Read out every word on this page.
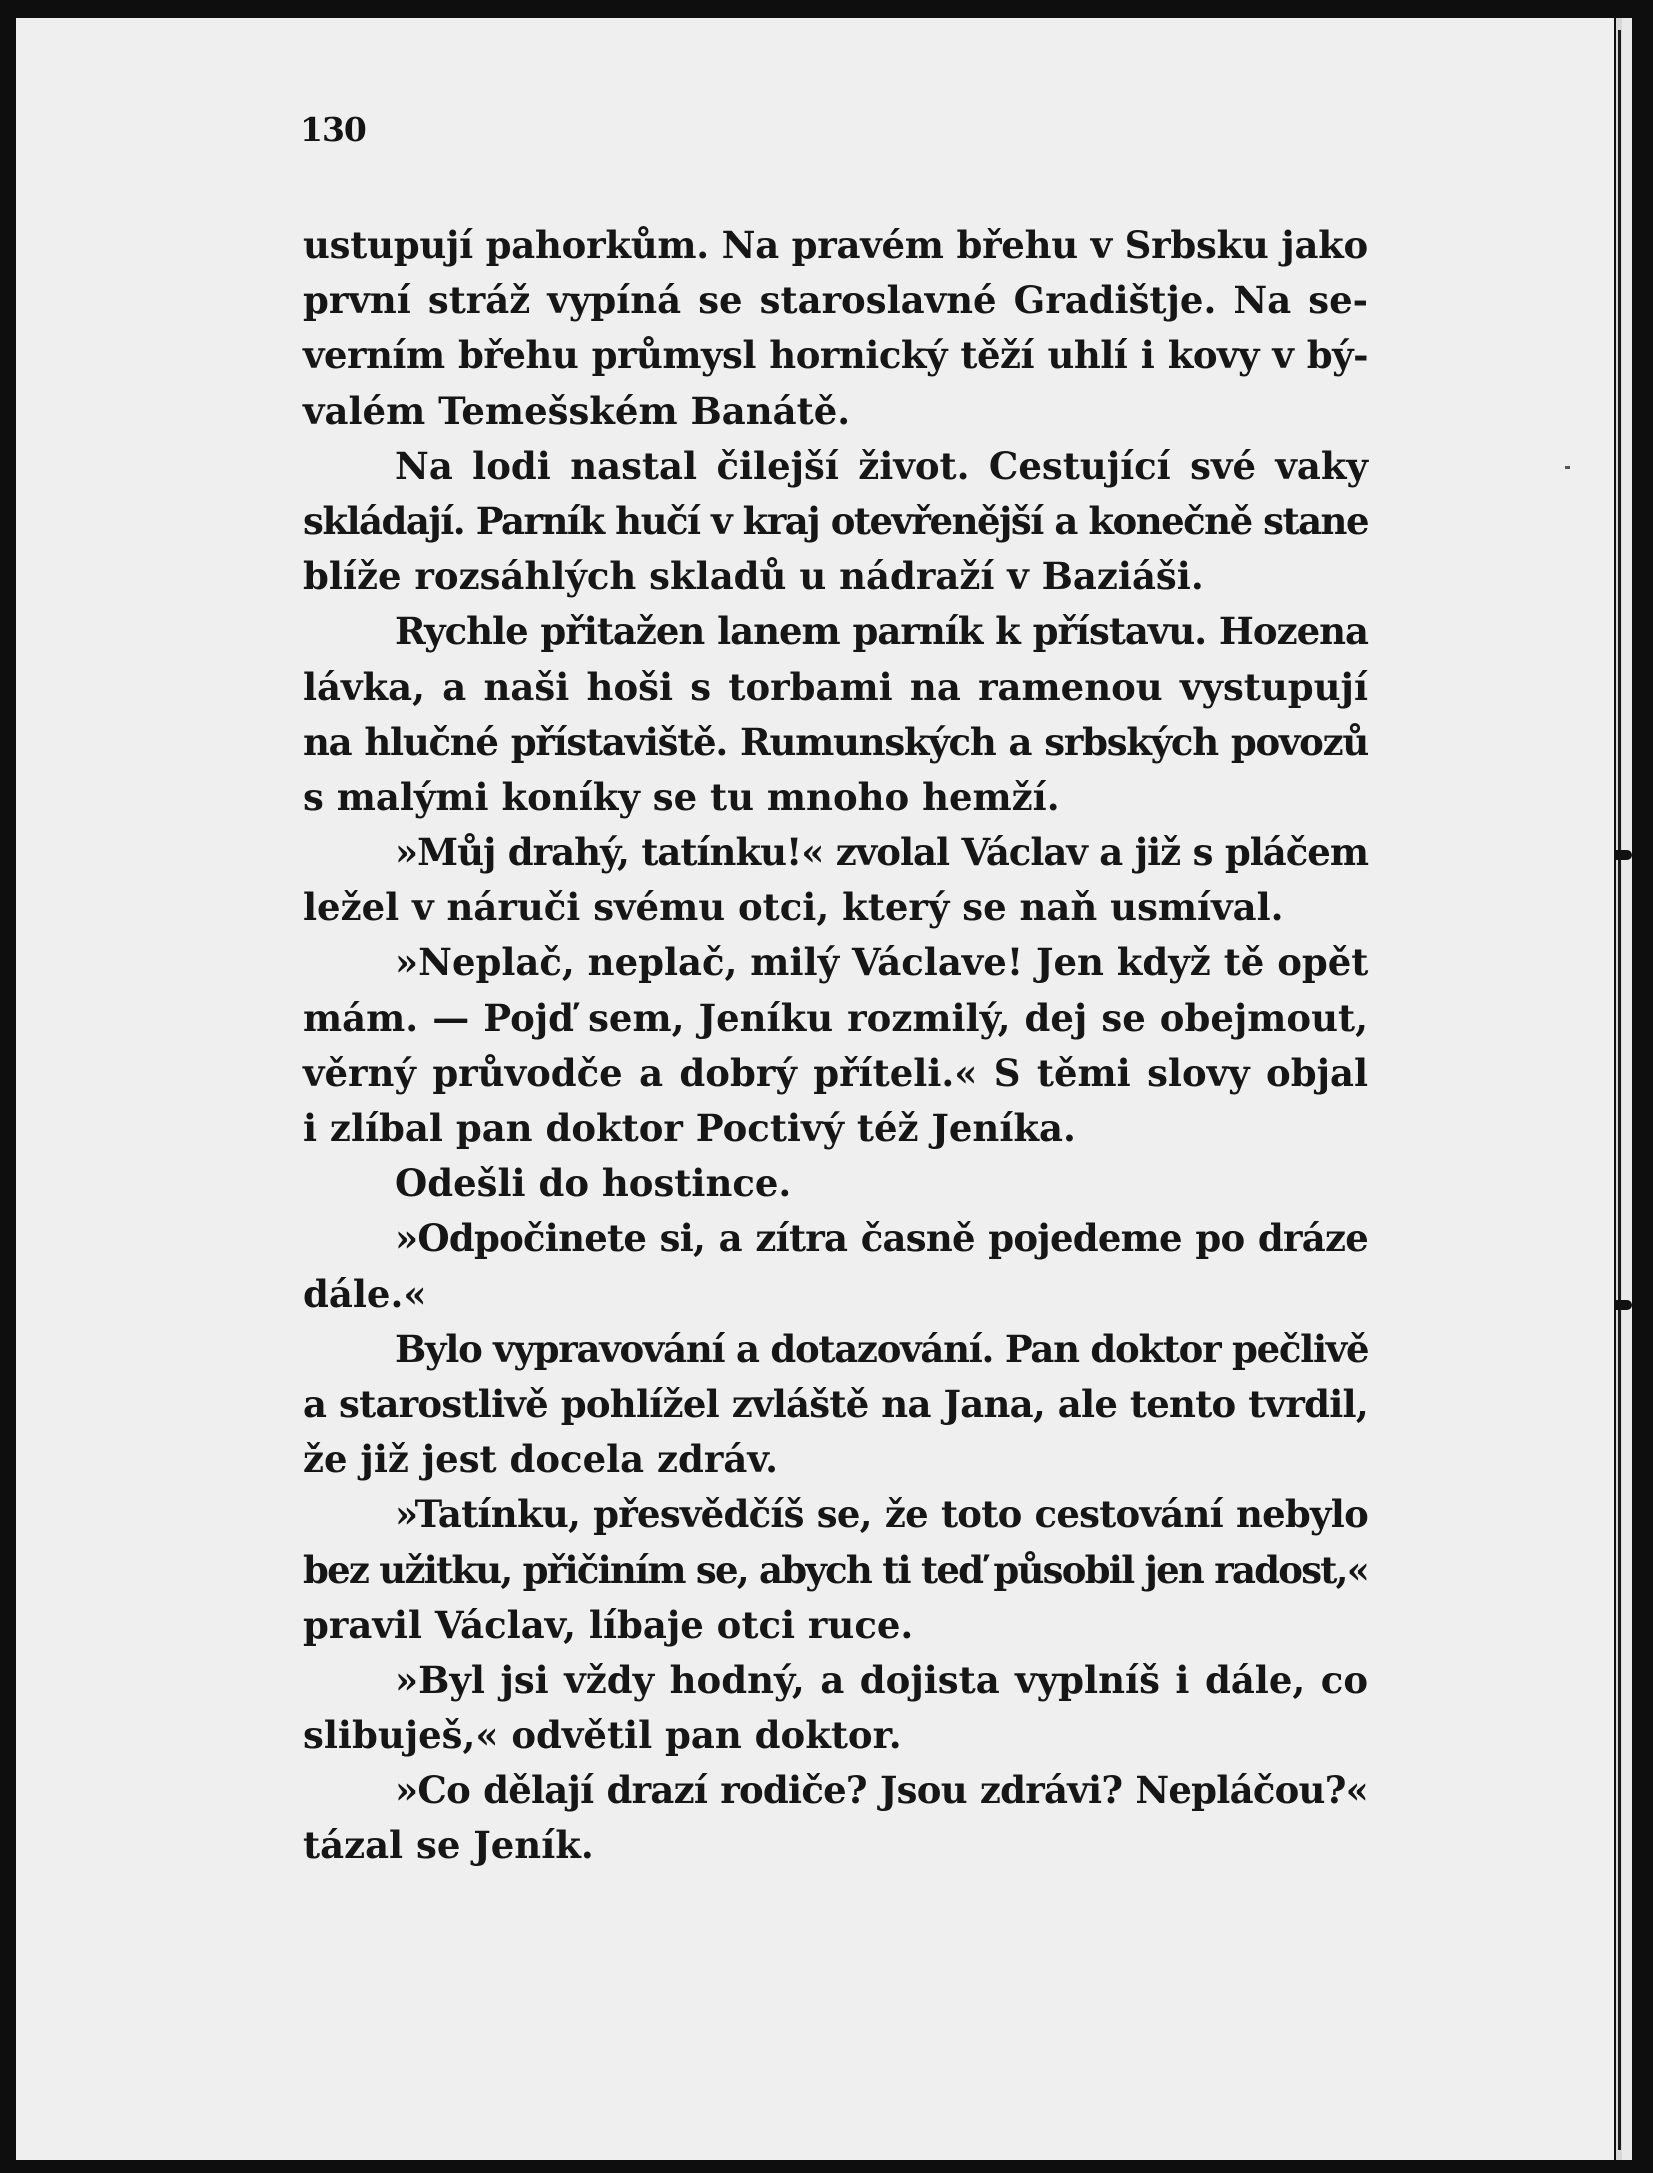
130
ustupují pahorkům. Na pravém břehu v Srbsku jako
první stráž vypíná se staroslavné Gradištje. Na se-
verním břehu průmysl hornický těží uhlí i kovy v bý-
valém Temešském Banátě.
Na lodi nastal čilejší život. Cestující své vaky
skládají. Parník hučí v kraj otevřenější a konečně stane
blíže rozsáhlých skladů u nádraží v Baziáši.
Rychle přitažen lanem parník k přístavu. Hozena
lávka, a naši hoši s torbami na ramenou vystupují
na hlučné přístaviště. Rumunských a srbských povozů
s malými koníky se tu mnoho hemží.
»Můj drahý, tatínku!« zvolal Václav a již s pláčem
ležel v náruči svému otci, který se naň usmíval.
»Neplač, neplač, milý Václave! Jen když tě opět
mám. — Pojď sem, Jeníku rozmilý, dej se obejmout,
věrný průvodče a dobrý příteli.« S těmi slovy objal
i zlíbal pan doktor Poctivý též Jeníka.
Odešli do hostince.
»Odpočinete si, a zítra časně pojedeme po dráze
dále.«
Bylo vypravování a dotazování. Pan doktor pečlivě
a starostlivě pohlížel zvláště na Jana, ale tento tvrdil,
že již jest docela zdráv.
»Tatínku, přesvědčíš se, že toto cestování nebylo
bez užitku, přičiním se, abych ti teď působil jen radost,«
pravil Václav, líbaje otci ruce.
»Byl jsi vždy hodný, a dojista vyplníš i dále, co
slibuješ,« odvětil pan doktor.
»Co dělají drazí rodiče? Jsou zdrávi? Nepláčou?«
tázal se Jeník.
